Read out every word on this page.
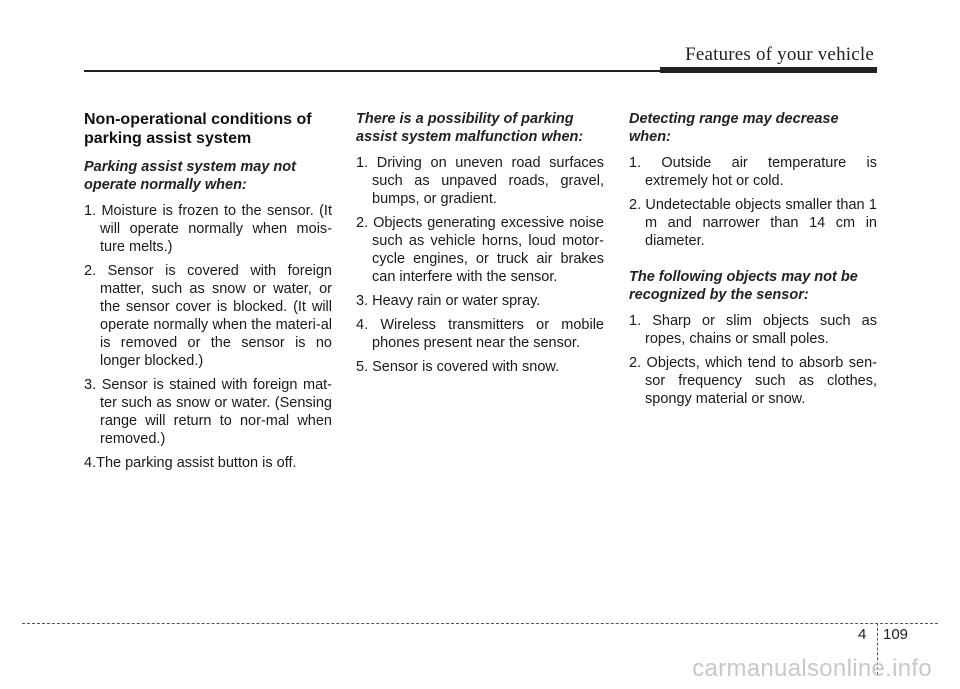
Features of your vehicle
Non-operational conditions of parking assist system
Parking assist system may not operate normally when:
1. Moisture is frozen to the sensor. (It will operate normally when mois-ture melts.)
2. Sensor is covered with foreign matter, such as snow or water, or the sensor cover is blocked. (It will operate normally when the materi-al is removed or the sensor is no longer blocked.)
3. Sensor is stained with foreign mat-ter such as snow or water. (Sensing range will return to nor-mal when removed.)
4.The parking assist button is off.
There is a possibility of parking assist system malfunction when:
1. Driving on uneven road surfaces such as unpaved roads, gravel, bumps, or gradient.
2. Objects generating excessive noise such as vehicle horns, loud motor-cycle engines, or truck air brakes can interfere with the sensor.
3. Heavy rain or water spray.
4. Wireless transmitters or mobile phones present near the sensor.
5. Sensor is covered with snow.
Detecting range may decrease when:
1. Outside air temperature is extremely hot or cold.
2. Undetectable objects smaller than 1 m and narrower than 14 cm in diameter.
The following objects may not be recognized by the sensor:
1. Sharp or slim objects such as ropes, chains or small poles.
2. Objects, which tend to absorb sen-sor frequency such as clothes, spongy material or snow.
4 109
carmanualsonline.info
